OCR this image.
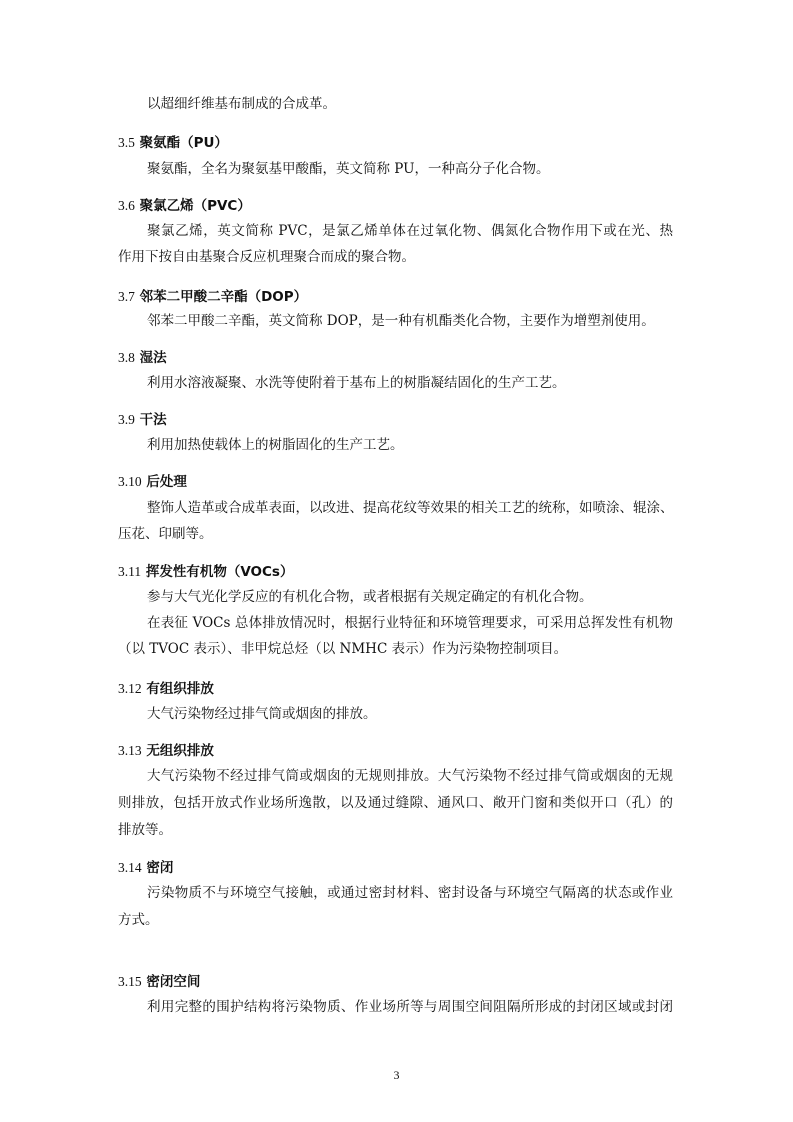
以超细纤维基布制成的合成革。
3.5 聚氨酯（PU）
聚氨酯，全名为聚氨基甲酸酯，英文简称 PU，一种高分子化合物。
3.6 聚氯乙烯（PVC）
聚氯乙烯，英文简称 PVC，是氯乙烯单体在过氧化物、偶氮化合物作用下或在光、热
作用下按自由基聚合反应机理聚合而成的聚合物。
3.7 邻苯二甲酸二辛酯（DOP）
邻苯二甲酸二辛酯，英文简称 DOP，是一种有机酯类化合物，主要作为增塑剂使用。
3.8 湿法
利用水溶液凝聚、水洗等使附着于基布上的树脂凝结固化的生产工艺。
3.9 干法
利用加热使载体上的树脂固化的生产工艺。
3.10 后处理
整饰人造革或合成革表面，以改进、提高花纹等效果的相关工艺的统称，如喷涂、辊涂、
压花、印刷等。
3.11 挥发性有机物（VOCs）
参与大气光化学反应的有机化合物，或者根据有关规定确定的有机化合物。
在表征 VOCs 总体排放情况时，根据行业特征和环境管理要求，可采用总挥发性有机物
（以 TVOC 表示）、非甲烷总烃（以 NMHC 表示）作为污染物控制项目。
3.12 有组织排放
大气污染物经过排气筒或烟囱的排放。
3.13 无组织排放
大气污染物不经过排气筒或烟囱的无规则排放。大气污染物不经过排气筒或烟囱的无规
则排放，包括开放式作业场所逸散，以及通过缝隙、通风口、敞开门窗和类似开口（孔）的
排放等。
3.14 密闭
污染物质不与环境空气接触，或通过密封材料、密封设备与环境空气隔离的状态或作业
方式。
3.15 密闭空间
利用完整的围护结构将污染物质、作业场所等与周围空间阻隔所形成的封闭区域或封闭
3
